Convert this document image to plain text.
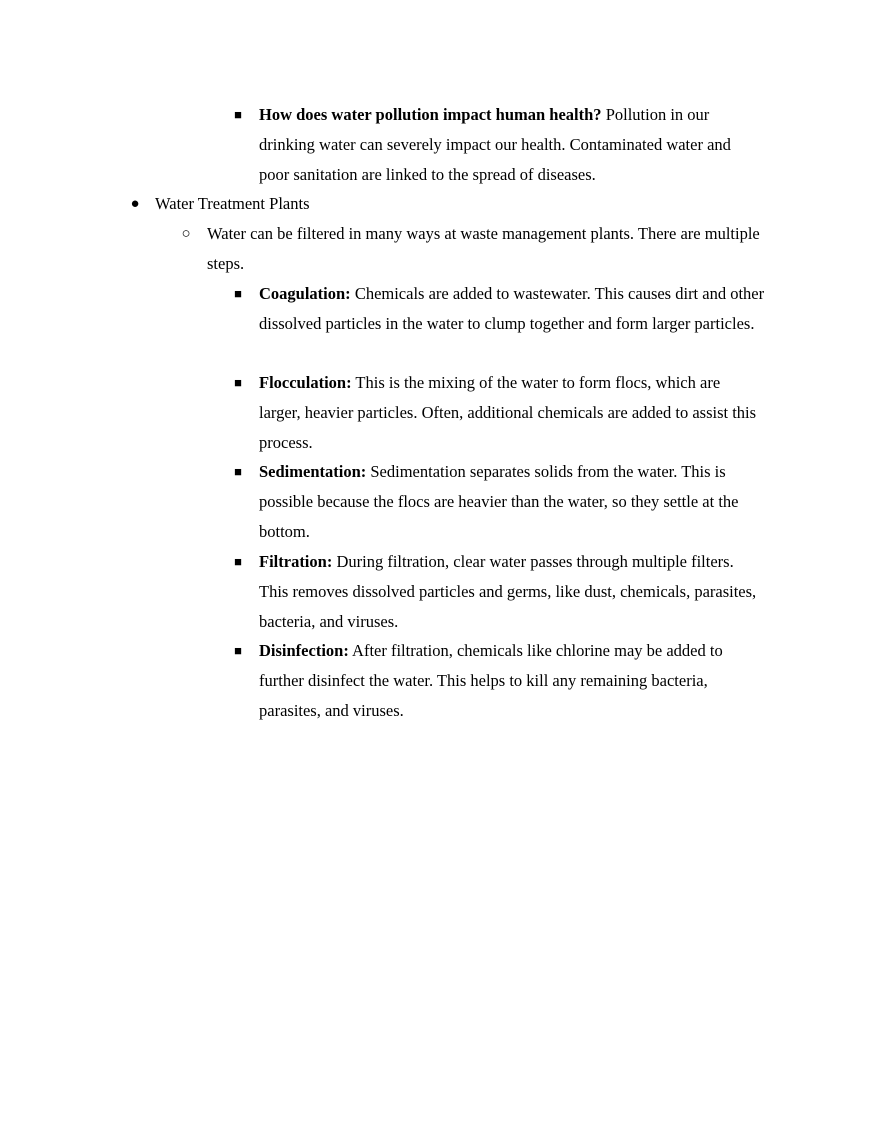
■ How does water pollution impact human health? Pollution in our drinking water can severely impact our health. Contaminated water and poor sanitation are linked to the spread of diseases.
● Water Treatment Plants
○ Water can be filtered in many ways at waste management plants. There are multiple steps.
■ Coagulation: Chemicals are added to wastewater. This causes dirt and other dissolved particles in the water to clump together and form larger particles.
■ Flocculation: This is the mixing of the water to form flocs, which are larger, heavier particles. Often, additional chemicals are added to assist this process.
■ Sedimentation: Sedimentation separates solids from the water. This is possible because the flocs are heavier than the water, so they settle at the bottom.
■ Filtration: During filtration, clear water passes through multiple filters. This removes dissolved particles and germs, like dust, chemicals, parasites, bacteria, and viruses.
■ Disinfection: After filtration, chemicals like chlorine may be added to further disinfect the water. This helps to kill any remaining bacteria, parasites, and viruses.
